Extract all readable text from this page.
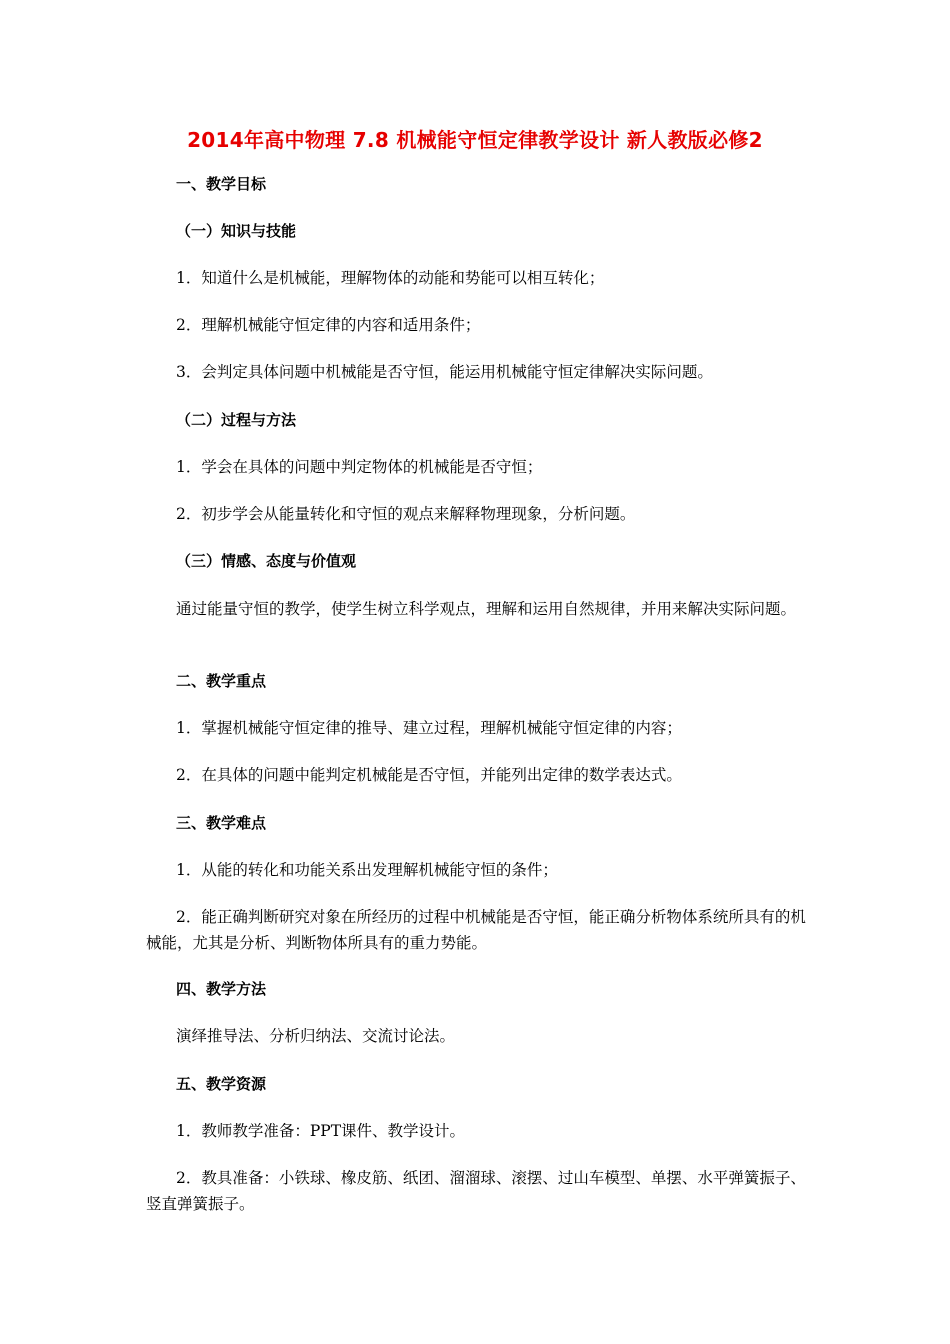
2014年高中物理 7.8 机械能守恒定律教学设计 新人教版必修2
一、教学目标
（一）知识与技能
1．知道什么是机械能，理解物体的动能和势能可以相互转化；
2．理解机械能守恒定律的内容和适用条件；
3．会判定具体问题中机械能是否守恒，能运用机械能守恒定律解决实际问题。
（二）过程与方法
1．学会在具体的问题中判定物体的机械能是否守恒；
2．初步学会从能量转化和守恒的观点来解释物理现象，分析问题。
（三）情感、态度与价值观
通过能量守恒的教学，使学生树立科学观点，理解和运用自然规律，并用来解决实际问题。
二、教学重点
1．掌握机械能守恒定律的推导、建立过程，理解机械能守恒定律的内容；
2．在具体的问题中能判定机械能是否守恒，并能列出定律的数学表达式。
三、教学难点
1．从能的转化和功能关系出发理解机械能守恒的条件；
2．能正确判断研究对象在所经历的过程中机械能是否守恒，能正确分析物体系统所具有的机械能，尤其是分析、判断物体所具有的重力势能。
四、教学方法
演绎推导法、分析归纳法、交流讨论法。
五、教学资源
1．教师教学准备：PPT课件、教学设计。
2．教具准备：小铁球、橡皮筋、纸团、溜溜球、滚摆、过山车模型、单摆、水平弹簧振子、竖直弹簧振子。
